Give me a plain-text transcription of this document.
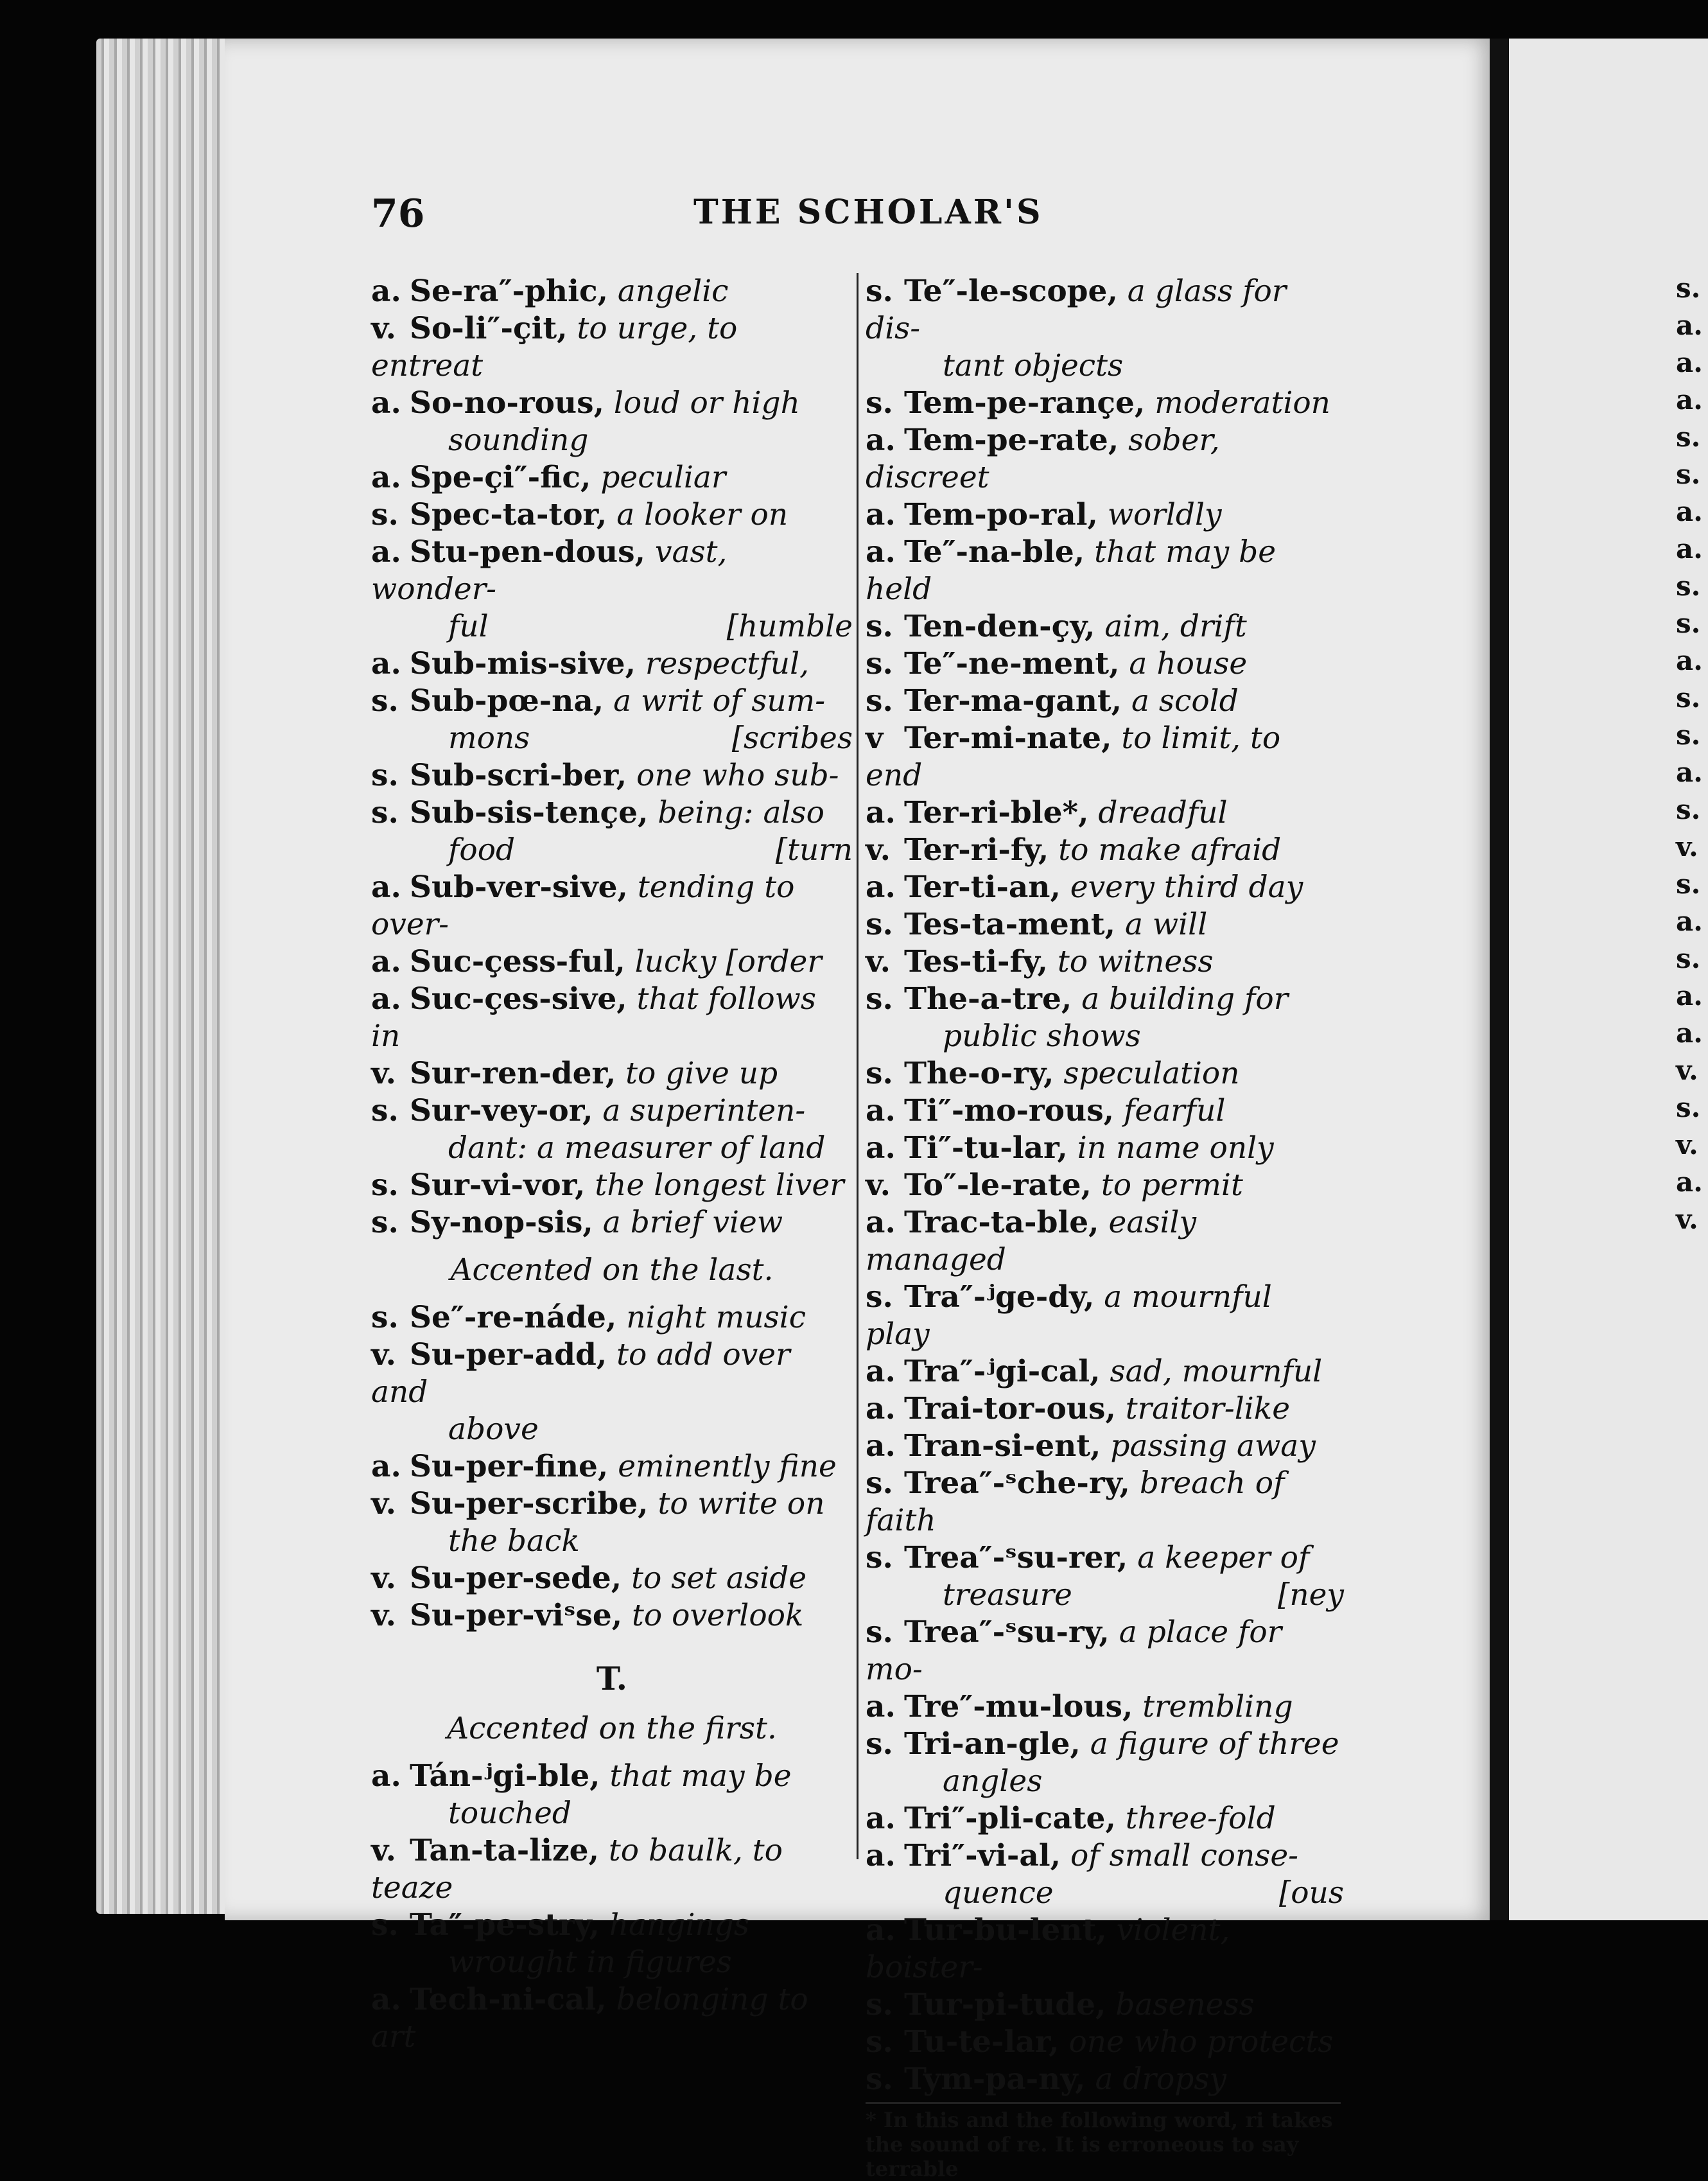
76	THE SCHOLAR'S
a. Se-ra″-phic, angelic
v. So-li″-çit, to urge, to entreat
a. So-no-rous, loud or high
sounding
a. Spe-çi″-fic, peculiar
s. Spec-ta-tor, a looker on
a. Stu-pen-dous, vast, wonder-
ful	[humble
a. Sub-mis-sive, respectful,
s. Sub-pœ-na, a writ of sum-
mons	[scribes
s. Sub-scri-ber, one who sub-
s. Sub-sis-tençe, being: also
food	[turn
a. Sub-ver-sive, tending to over-
a. Suc-çess-ful, lucky [order
a. Suc-çes-sive, that follows in
v. Sur-ren-der, to give up
s. Sur-vey-or, a superinten-
dant: a measurer of land
s. Sur-vi-vor, the longest liver
s. Sy-nop-sis, a brief view
Accented on the last.
s. Se″-re-náde, night music
v. Su-per-add, to add over and
above
a. Su-per-fine, eminently fine
v. Su-per-scribe, to write on
the back
v. Su-per-sede, to set aside
v. Su-per-viˢse, to overlook
T.
Accented on the first.
a. Tán-ʲgi-ble, that may be
touched
v. Tan-ta-lize, to baulk, to teaze
s. Ta″-pe-stry, hangings
wrought in figures
a. Tech-ni-cal, belonging to art
s. Te″-le-scope, a glass for dis-
tant objects
s. Tem-pe-rançe, moderation
a. Tem-pe-rate, sober, discreet
a. Tem-po-ral, worldly
a. Te″-na-ble, that may be held
s. Ten-den-çy, aim, drift
s. Te″-ne-ment, a house
s. Ter-ma-gant, a scold
v Ter-mi-nate, to limit, to end
a. Ter-ri-ble*, dreadful
v. Ter-ri-fy, to make afraid
a. Ter-ti-an, every third day
s. Tes-ta-ment, a will
v. Tes-ti-fy, to witness
s. The-a-tre, a building for
public shows
s. The-o-ry, speculation
a. Ti″-mo-rous, fearful
a. Ti″-tu-lar, in name only
v. To″-le-rate, to permit
a. Trac-ta-ble, easily managed
s. Tra″-ʲge-dy, a mournful play
a. Tra″-ʲgi-cal, sad, mournful
a. Trai-tor-ous, traitor-like
a. Tran-si-ent, passing away
s. Trea″-ˢche-ry, breach of faith
s. Trea″-ˢsu-rer, a keeper of
treasure	[ney
s. Trea″-ˢsu-ry, a place for mo-
a. Tre″-mu-lous, trembling
s. Tri-an-gle, a figure of three
angles
a. Tri″-pli-cate, three-fold
a. Tri″-vi-al, of small conse-
quence	[ous
a. Tur-bu-lent, violent, boister-
s. Tur-pi-tude, baseness
s. Tu-te-lar, one who protects
s. Tym-pa-ny, a dropsy
* In this and the following word, ri takes the sound of re. It is erroneous to say terrable
s.
a.
a.
a.
s.
s.
a.
a.
s.
s.
a.
s.
s.
a.
s.
v.
s.
a.
s.
a.
a.
v.
s.
v.
a.
v.
